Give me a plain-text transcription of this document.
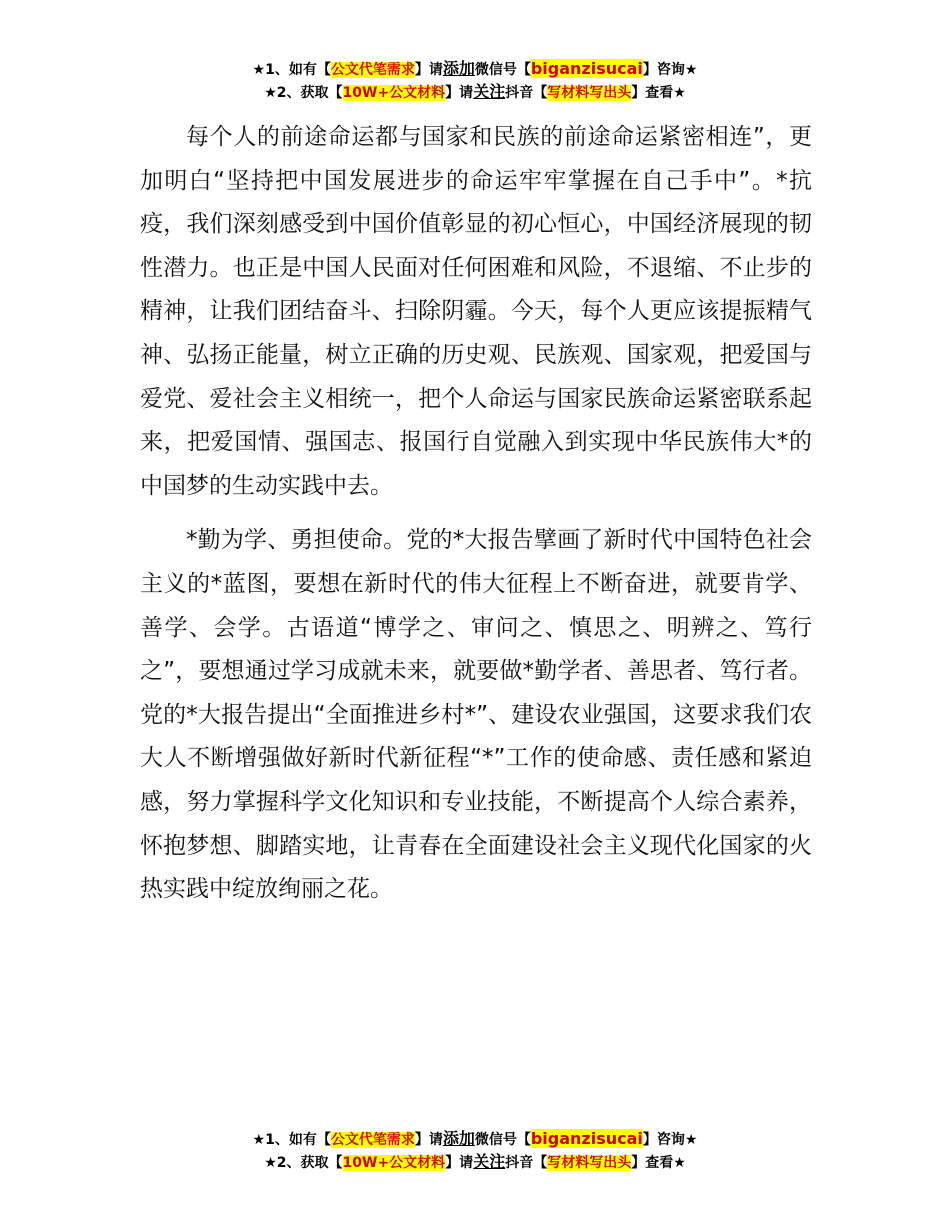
★1、如有【公文代笔需求】请添加微信号【biganzisucai】咨询★
★2、获取【10W+公文材料】请关注抖音【写材料写出头】查看★

每个人的前途命运都与国家和民族的前途命运紧密相连”，更加明白“坚持把中国发展进步的命运牢牢掌握在自己手中”。*抗疫，我们深刻感受到中国价值彰显的初心恒心，中国经济展现的韧性潜力。也正是中国人民面对任何困难和风险，不退缩、不止步的精神，让我们团结奋斗、扫除阴霾。今天，每个人更应该提振精气神、弘扬正能量，树立正确的历史观、民族观、国家观，把爱国与爱党、爱社会主义相统一，把个人命运与国家民族命运紧密联系起来，把爱国情、强国志、报国行自觉融入到实现中华民族伟大*的中国梦的生动实践中去。

*勤为学、勇担使命。党的*大报告擘画了新时代中国特色社会主义的*蓝图，要想在新时代的伟大征程上不断奋进，就要肯学、善学、会学。古语道“博学之、审问之、慎思之、明辨之、笃行之”，要想通过学习成就未来，就要做*勤学者、善思者、笃行者。党的*大报告提出“全面推进乡村*”、建设农业强国，这要求我们农大人不断增强做好新时代新征程“*”工作的使命感、责任感和紧迫感，努力掌握科学文化知识和专业技能，不断提高个人综合素养，怀抱梦想、脚踏实地，让青春在全面建设社会主义现代化国家的火热实践中绽放绚丽之花。

★1、如有【公文代笔需求】请添加微信号【biganzisucai】咨询★
★2、获取【10W+公文材料】请关注抖音【写材料写出头】查看★
